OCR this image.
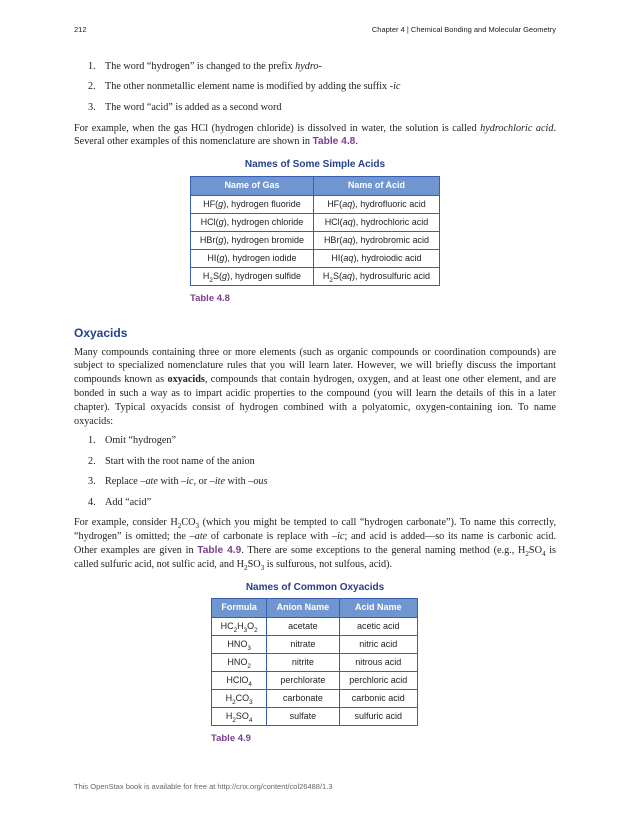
212	Chapter 4 | Chemical Bonding and Molecular Geometry
1. The word “hydrogen” is changed to the prefix hydro-
2. The other nonmetallic element name is modified by adding the suffix -ic
3. The word “acid” is added as a second word

For example, when the gas HCl (hydrogen chloride) is dissolved in water, the solution is called hydrochloric acid. Several other examples of this nomenclature are shown in Table 4.8.

Names of Some Simple Acids
Name of Gas	Name of Acid
HF(g), hydrogen fluoride	HF(aq), hydrofluoric acid
HCl(g), hydrogen chloride	HCl(aq), hydrochloric acid
HBr(g), hydrogen bromide	HBr(aq), hydrobromic acid
HI(g), hydrogen iodide	HI(aq), hydroiodic acid
$H_2S(g)$, hydrogen sulfide	$H_2S(aq)$, hydrosulfuric acid
Table 4.8
Oxyacids

Many compounds containing three or more elements (such as organic compounds or coordination compounds) are subject to specialized nomenclature rules that you will learn later. However, we will briefly discuss the important compounds known as oxyacids, compounds that contain hydrogen, oxygen, and at least one other element, and are bonded in such a way as to impart acidic properties to the compound (you will learn the details of this in a later chapter). Typical oxyacids consist of hydrogen combined with a polyatomic, oxygen-containing ion. To name oxyacids:

1. Omit “hydrogen”
2. Start with the root name of the anion
3. Replace –ate with –ic, or –ite with –ous
4. Add “acid”

For example, consider $H_2CO_3$ (which you might be tempted to call “hydrogen carbonate”). To name this correctly, “hydrogen” is omitted; the –ate of carbonate is replace with –ic; and acid is added—so its name is carbonic acid. Other examples are given in Table 4.9. There are some exceptions to the general naming method (e.g., $H_2SO_4$ is called sulfuric acid, not sulfic acid, and $H_2SO_3$ is sulfurous, not sulfous, acid).

Names of Common Oxyacids
Formula	Anion Name	Acid Name
$HC_2H_3O_2$	acetate	acetic acid
$HNO_3$	nitrate	nitric acid
$HNO_2$	nitrite	nitrous acid
HClO$_4$	perchlorate	perchloric acid
$H_2CO_3$	carbonate	carbonic acid
$H_2SO_4$	sulfate	sulfuric acid
Table 4.9
This OpenStax book is available for free at http://cnx.org/content/col26488/1.3
